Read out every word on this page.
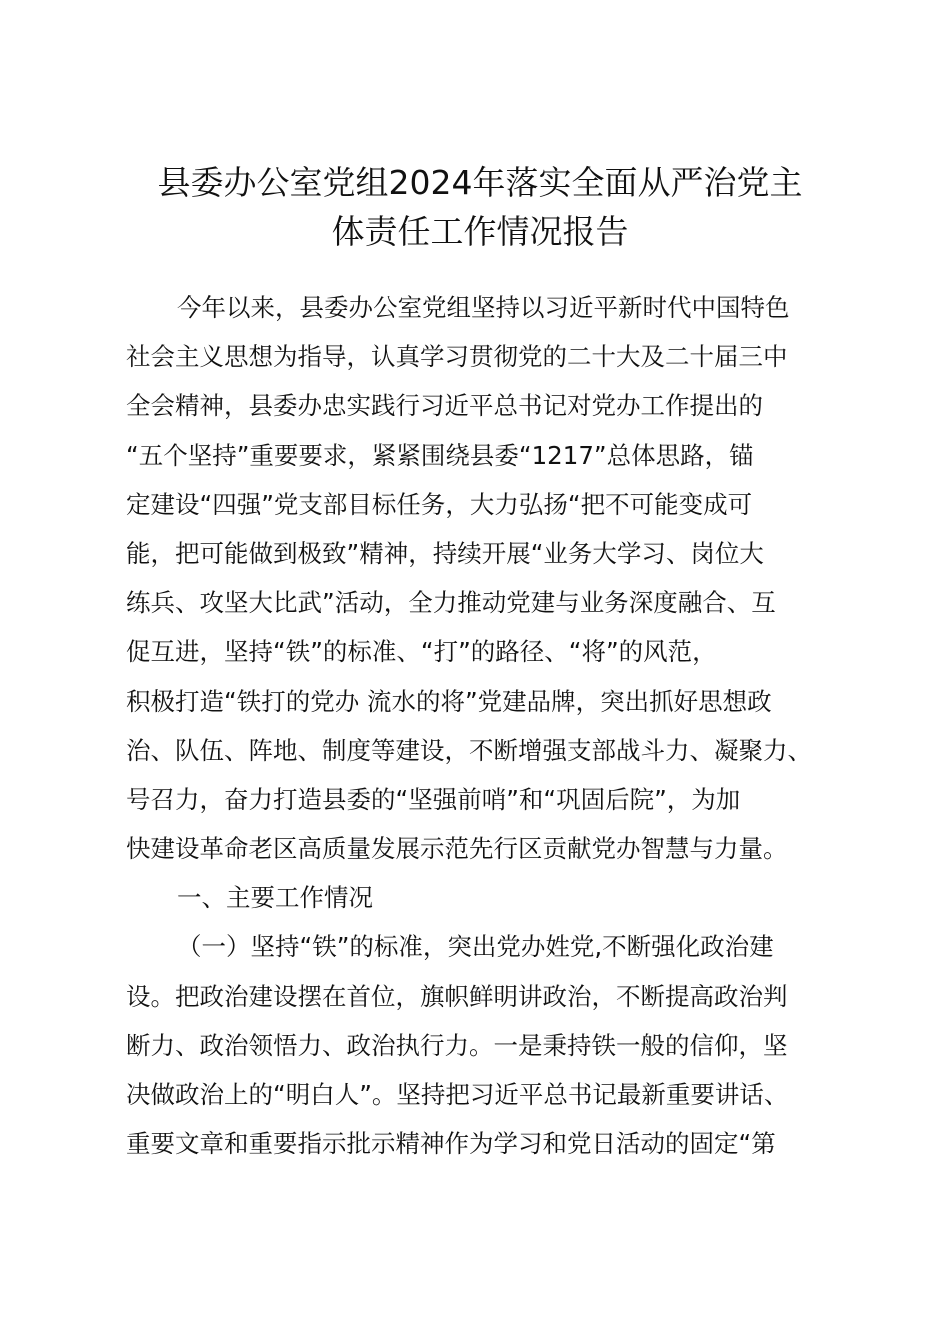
县委办公室党组2024年落实全面从严治党主
体责任工作情况报告
今年以来，县委办公室党组坚持以习近平新时代中国特色
社会主义思想为指导，认真学习贯彻党的二十大及二十届三中
全会精神，县委办忠实践行习近平总书记对党办工作提出的
“五个坚持”重要要求，紧紧围绕县委“1217”总体思路，锚
定建设“四强”党支部目标任务，大力弘扬“把不可能变成可
能，把可能做到极致”精神，持续开展“业务大学习、岗位大
练兵、攻坚大比武”活动，全力推动党建与业务深度融合、互
促互进，坚持“铁”的标准、“打”的路径、“将”的风范，
积极打造“铁打的党办 流水的将”党建品牌，突出抓好思想政
治、队伍、阵地、制度等建设，不断增强支部战斗力、凝聚力、
号召力，奋力打造县委的“坚强前哨”和“巩固后院”，为加
快建设革命老区高质量发展示范先行区贡献党办智慧与力量。
一、主要工作情况
（一）坚持“铁”的标准，突出党办姓党,不断强化政治建
设。把政治建设摆在首位，旗帜鲜明讲政治，不断提高政治判
断力、政治领悟力、政治执行力。一是秉持铁一般的信仰，坚
决做政治上的“明白人”。坚持把习近平总书记最新重要讲话、
重要文章和重要指示批示精神作为学习和党日活动的固定“第
